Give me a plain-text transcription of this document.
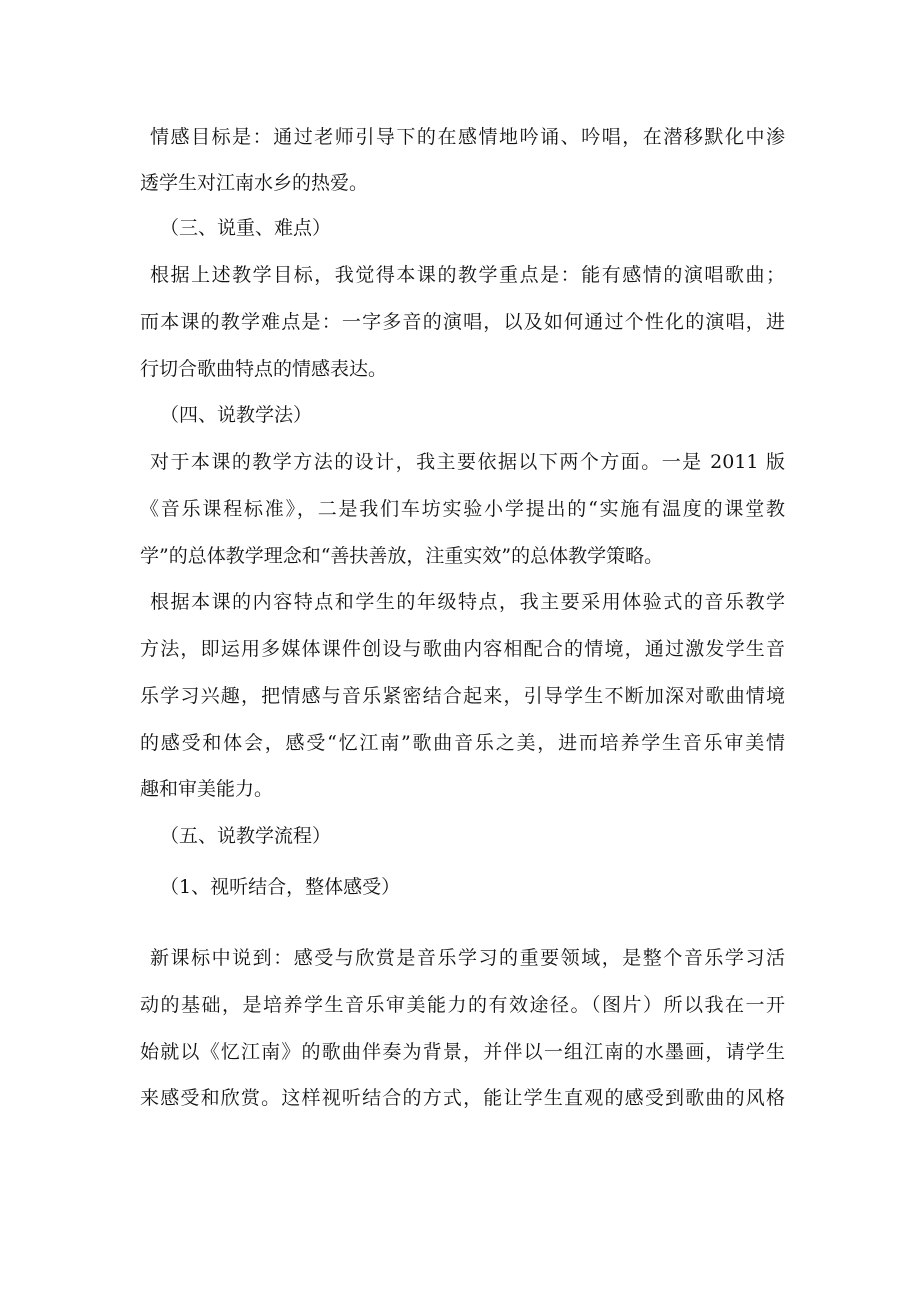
情感目标是：通过老师引导下的在感情地吟诵、吟唱，在潜移默化中渗
透学生对江南水乡的热爱。
（三、说重、难点）
根据上述教学目标，我觉得本课的教学重点是：能有感情的演唱歌曲；
而本课的教学难点是：一字多音的演唱，以及如何通过个性化的演唱，进
行切合歌曲特点的情感表达。
（四、说教学法）
对于本课的教学方法的设计，我主要依据以下两个方面。一是 2011 版
《音乐课程标准》，二是我们车坊实验小学提出的“实施有温度的课堂教
学”的总体教学理念和“善扶善放，注重实效”的总体教学策略。
根据本课的内容特点和学生的年级特点，我主要采用体验式的音乐教学
方法，即运用多媒体课件创设与歌曲内容相配合的情境，通过激发学生音
乐学习兴趣，把情感与音乐紧密结合起来，引导学生不断加深对歌曲情境
的感受和体会，感受“忆江南”歌曲音乐之美，进而培养学生音乐审美情
趣和审美能力。
（五、说教学流程）
（1、视听结合，整体感受）
新课标中说到：感受与欣赏是音乐学习的重要领域，是整个音乐学习活
动的基础，是培养学生音乐审美能力的有效途径。（图片）所以我在一开
始就以《忆江南》的歌曲伴奏为背景，并伴以一组江南的水墨画，请学生
来感受和欣赏。这样视听结合的方式，能让学生直观的感受到歌曲的风格
